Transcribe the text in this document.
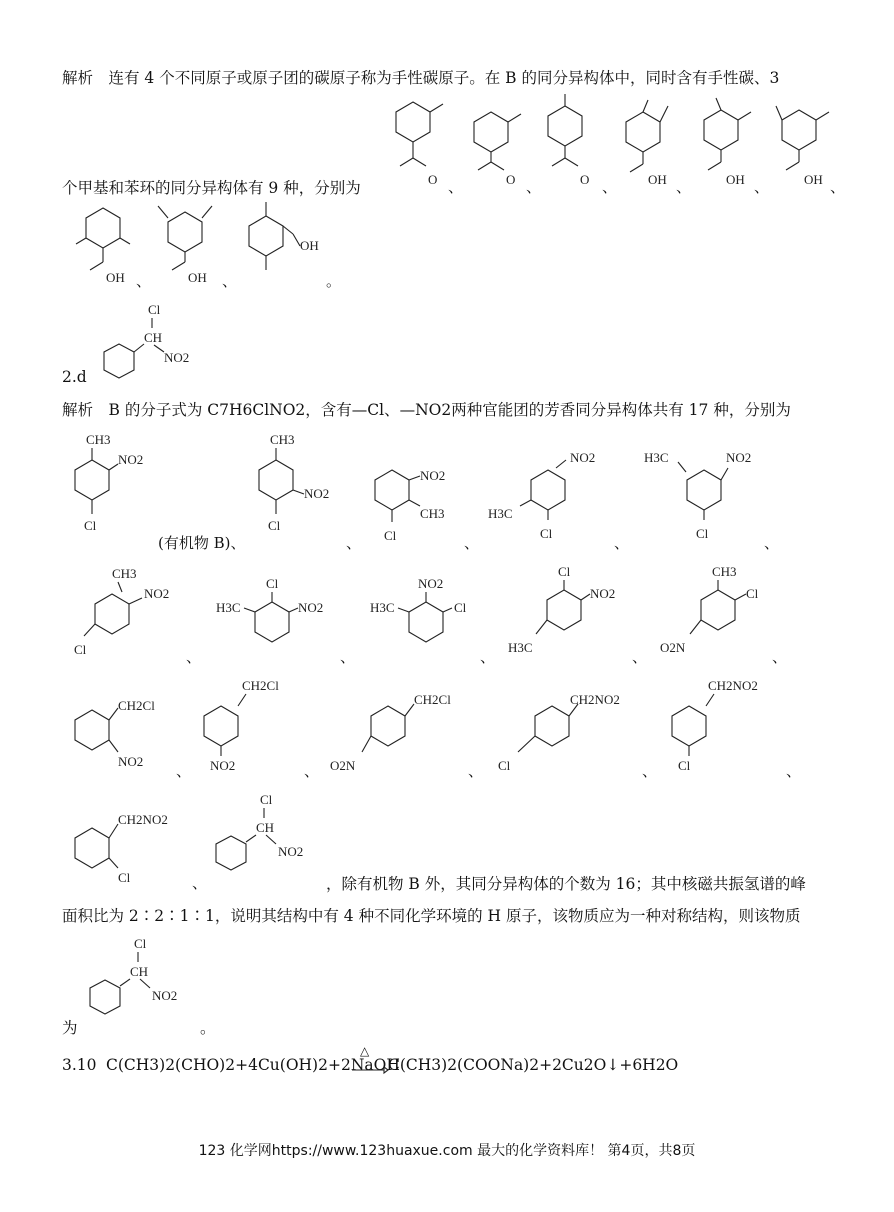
解析　连有 4 个不同原子或原子团的碳原子称为手性碳原子。在 B 的同分异构体中，同时含有手性碳、3
O 、	O 、	O 、 OH 、	OH 、	OH 、
个甲基和苯环的同分异构体有 9 种，分别为
OH 、	OH 、
OH
。
Cl
CH
NO2
2.d
解析　B 的分子式为 C7H6ClNO2，含有—Cl、—NO2两种官能团的芳香同分异构体共有 17 种，分别为
CH3
NO2
Cl
(有机物 B)、
CH3
NO2
Cl
、
NO2
CH3
Cl	、
NO2
H3C
Cl
、
H3C	NO2
Cl
、
CH3
NO2
Cl	、
Cl
NO2
H3C
、
NO2
Cl
H3C
、
Cl
NO2
H3C
、
CH3
Cl
O2N
、
CH2Cl
NO2
、
CH2Cl
NO2	、
CH2Cl
O2N	、
CH2NO2
Cl	、
CH2NO2
Cl	、
CH2NO2
Cl	、
Cl
CH
NO2
，除有机物 B 外，其同分异构体的个数为 16；其中核磁共振氢谱的峰
面积比为 2∶2∶1∶1，说明其结构中有 4 种不同化学环境的 H 原子，该物质应为一种对称结构，则该物质
Cl
CH
NO2
为	。
3.10 C(CH3)2(CHO)2+4Cu(OH)2+2NaOH
△
→ C(CH3)2(COONa)2+2Cu2O↓+6H2O
123 化学网https://www.123huaxue.com 最大的化学资料库！ 第4页，共8页
